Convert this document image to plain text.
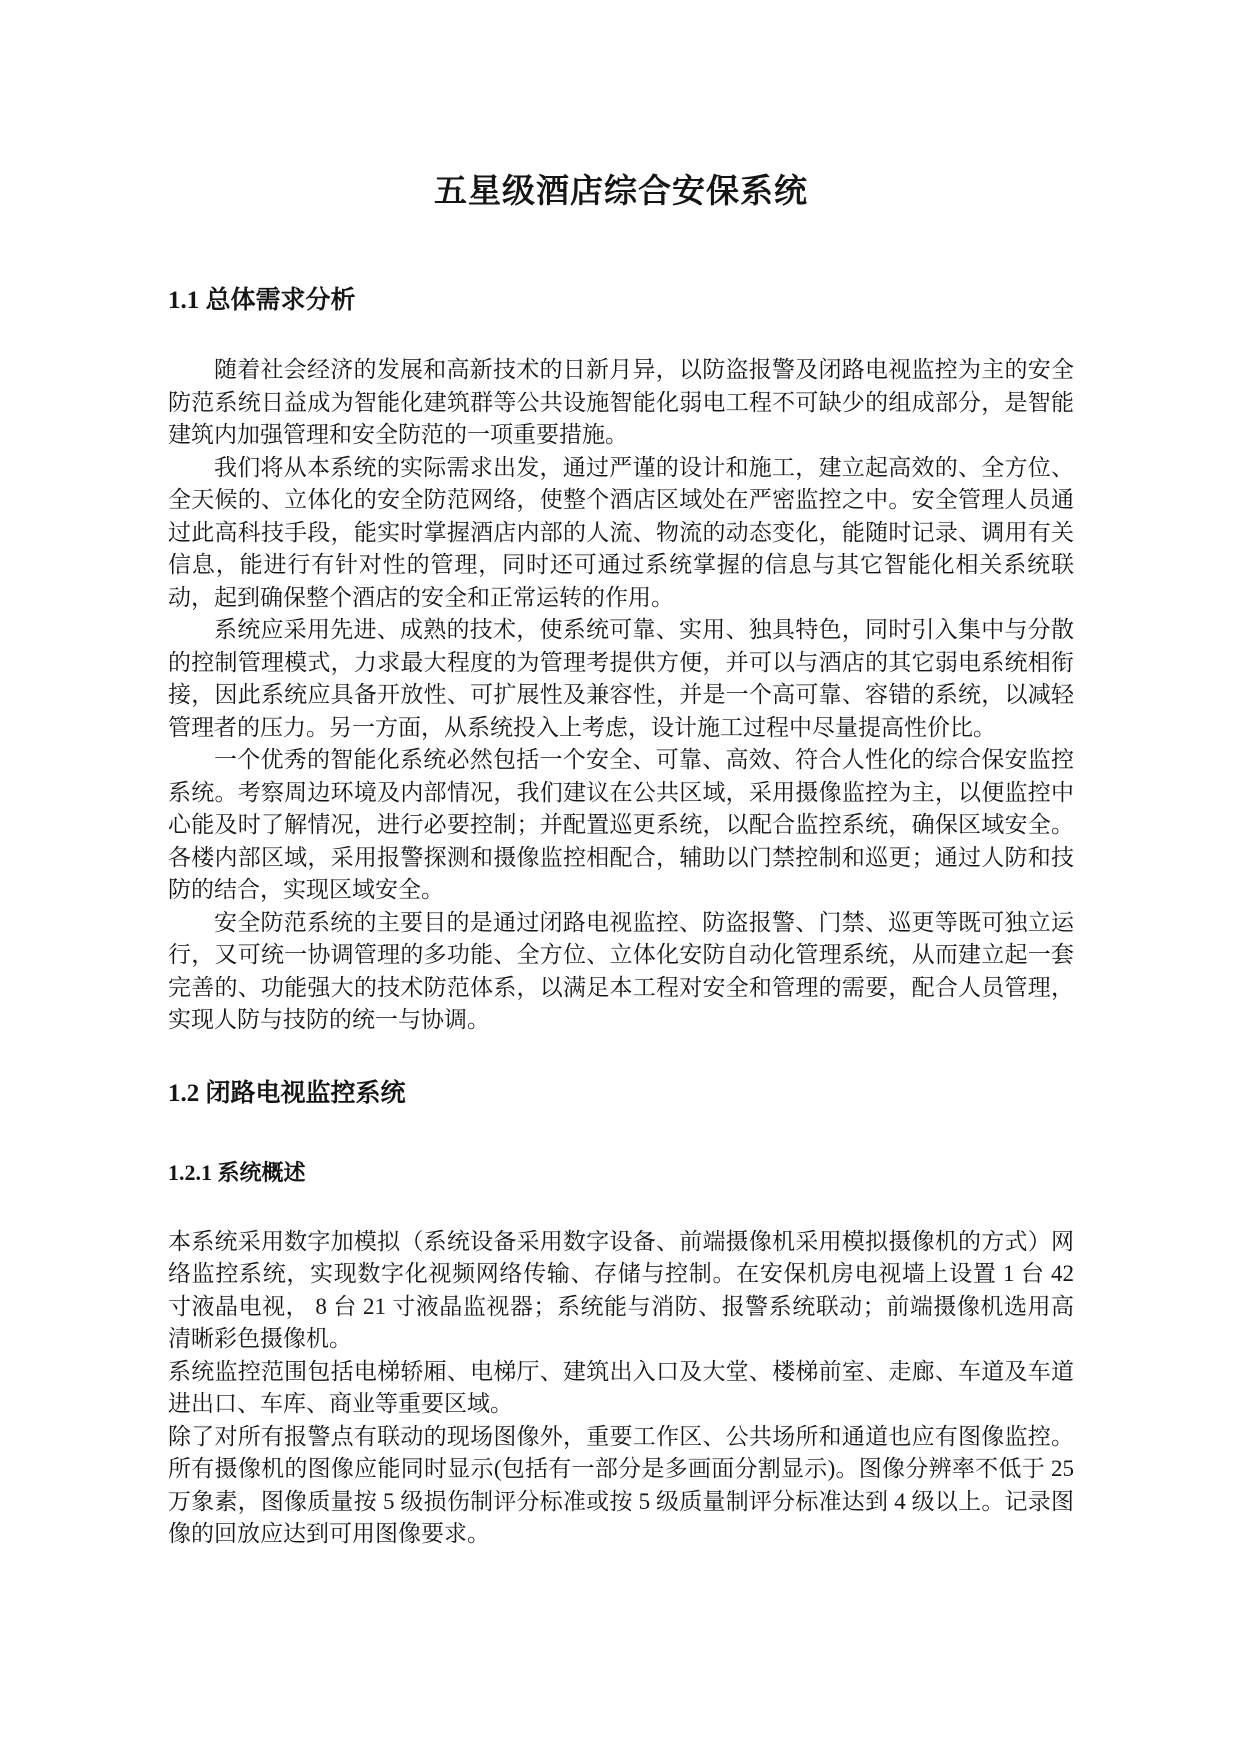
五星级酒店综合安保系统
1.1 总体需求分析

随着社会经济的发展和高新技术的日新月异，以防盗报警及闭路电视监控为主的安全防范系统日益成为智能化建筑群等公共设施智能化弱电工程不可缺少的组成部分，是智能建筑内加强管理和安全防范的一项重要措施。

我们将从本系统的实际需求出发，通过严谨的设计和施工，建立起高效的、全方位、全天候的、立体化的安全防范网络，使整个酒店区域处在严密监控之中。安全管理人员通过此高科技手段，能实时掌握酒店内部的人流、物流的动态变化，能随时记录、调用有关信息，能进行有针对性的管理，同时还可通过系统掌握的信息与其它智能化相关系统联动，起到确保整个酒店的安全和正常运转的作用。

系统应采用先进、成熟的技术，使系统可靠、实用、独具特色，同时引入集中与分散的控制管理模式，力求最大程度的为管理考提供方便，并可以与酒店的其它弱电系统相衔接，因此系统应具备开放性、可扩展性及兼容性，并是一个高可靠、容错的系统，以减轻管理者的压力。另一方面，从系统投入上考虑，设计施工过程中尽量提高性价比。

一个优秀的智能化系统必然包括一个安全、可靠、高效、符合人性化的综合保安监控系统。考察周边环境及内部情况，我们建议在公共区域，采用摄像监控为主，以便监控中心能及时了解情况，进行必要控制；并配置巡更系统，以配合监控系统，确保区域安全。各楼内部区域，采用报警探测和摄像监控相配合，辅助以门禁控制和巡更；通过人防和技防的结合，实现区域安全。

安全防范系统的主要目的是通过闭路电视监控、防盗报警、门禁、巡更等既可独立运行，又可统一协调管理的多功能、全方位、立体化安防自动化管理系统，从而建立起一套完善的、功能强大的技术防范体系，以满足本工程对安全和管理的需要，配合人员管理，实现人防与技防的统一与协调。

1.2 闭路电视监控系统
1.2.1 系统概述

本系统采用数字加模拟（系统设备采用数字设备、前端摄像机采用模拟摄像机的方式）网络监控系统，实现数字化视频网络传输、存储与控制。在安保机房电视墙上设置 1 台 42 寸液晶电视， 8 台 21 寸液晶监视器；系统能与消防、报警系统联动；前端摄像机选用高清晰彩色摄像机。

系统监控范围包括电梯轿厢、电梯厅、建筑出入口及大堂、楼梯前室、走廊、车道及车道进出口、车库、商业等重要区域。

除了对所有报警点有联动的现场图像外，重要工作区、公共场所和通道也应有图像监控。所有摄像机的图像应能同时显示(包括有一部分是多画面分割显示)。图像分辨率不低于 25 万象素，图像质量按 5 级损伤制评分标准或按 5 级质量制评分标准达到 4 级以上。记录图像的回放应达到可用图像要求。
